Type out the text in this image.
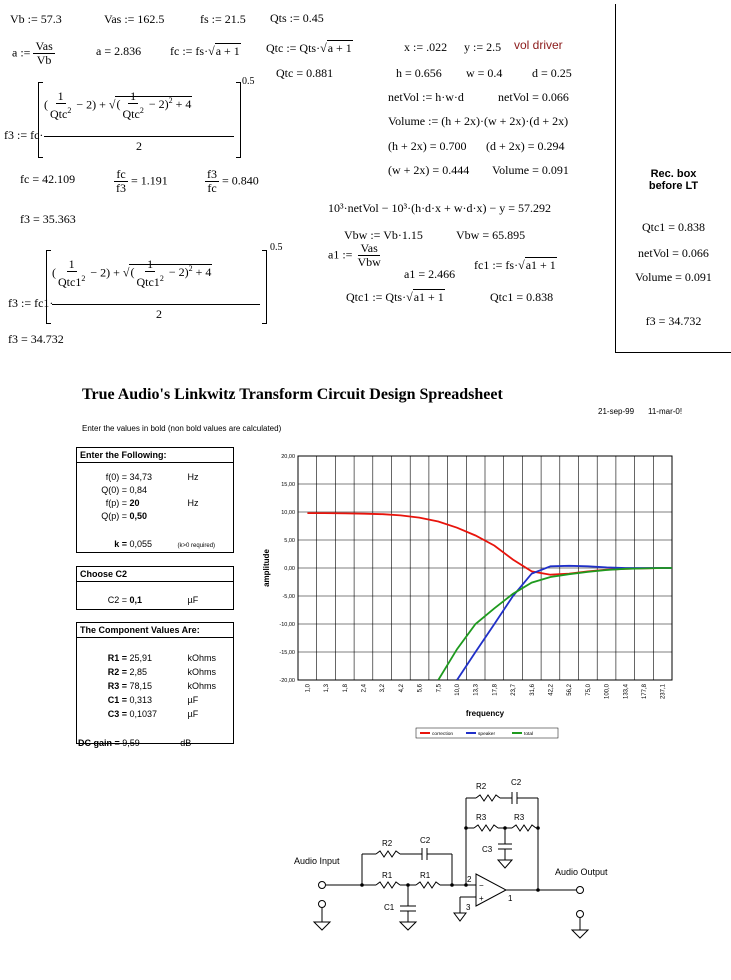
Vb := 57.3	Vas := 162.5	fs := 21.5 Qts := 0.45
a := $\frac{\text{Vas}}{Vb}$	a = 2.836 fc := fs·√a + 1 Qtc := Qts·√a + 1
Qtc = 0.881
f3 := fc·
0.5
( $\frac{1}{Qtc^2} - 2$) + √( $\frac{1}{Qtc^2} - 2)^2 + 4$
2
fc = 42.109	$\frac{fc}{f3} = 1.191$	$\frac{f3}{fc} = 0.840$
f3 = 35.363
f3 := fc1·
0.5
( $\frac{1}{Qtc1^2} - 2$) + √( $\frac{1}{Qtc1^2} - 2)^2 + 4$
2
f3 = 34.732
x := .022 y := 2.5 vol driver
h = 0.656 w = 0.4 d = 0.25
netVol := h·w·d	netVol = 0.066
Volume := (h + 2x)·(w + 2x)·(d + 2x)
(h + 2x) = 0.700 (d + 2x) = 0.294
(w + 2x) = 0.444 Volume = 0.091
10³·netVol − 10³·(h·d·x + w·d·x) − y = 57.292
Vbw := Vb·1.15	Vbw = 65.895
a1 := $\frac{\text{Vas}}{\text{Vbw}}$
a1 = 2.466
fc1 := fs·√a1 + 1
Qtc1 := Qts·√a1 + 1	Qtc1 = 0.838
Rec. box
before LT
Qtc1 = 0.838
netVol = 0.066
Volume = 0.091
f3 = 34.732
True Audio's Linkwitz Transform Circuit Design Spreadsheet
21-sep-99 11-mar-0!
Enter the values in bold (non bold values are calculated)
Enter the Following:
f(0) = 34,73	Hz
Q(0) = 0,84
f(p) = 20	Hz
Q(p) = 0,50
k = 0,055	(k>0 required)
Choose C2
C2 = 0,1	µF
The Component Values Are:
R1 = 25,91	kOhms
R2 = 2,85	kOhms
R3 = 78,15	kOhms
C1 = 0,313	µF
C3 = 0,1037	µF
DC gain = 9,59	dB
20,00
15,00
10,00
5,00
0,00
-5,00
-10,00
-15,00
-20,00
1,0 1,3 1,8 2,4 3,2 4,2 5,6 7,5 10,0 13,3 17,8 23,7 31,6 42,2 56,2 75,0 100,0 133,4 177,8 237,1
frequency
amplitude
correction	speaker	total
Audio Input
Audio Output
R1	R1
R2	C2
C1
R2	C2
R3	R3
C3
2
3
1
−
+
